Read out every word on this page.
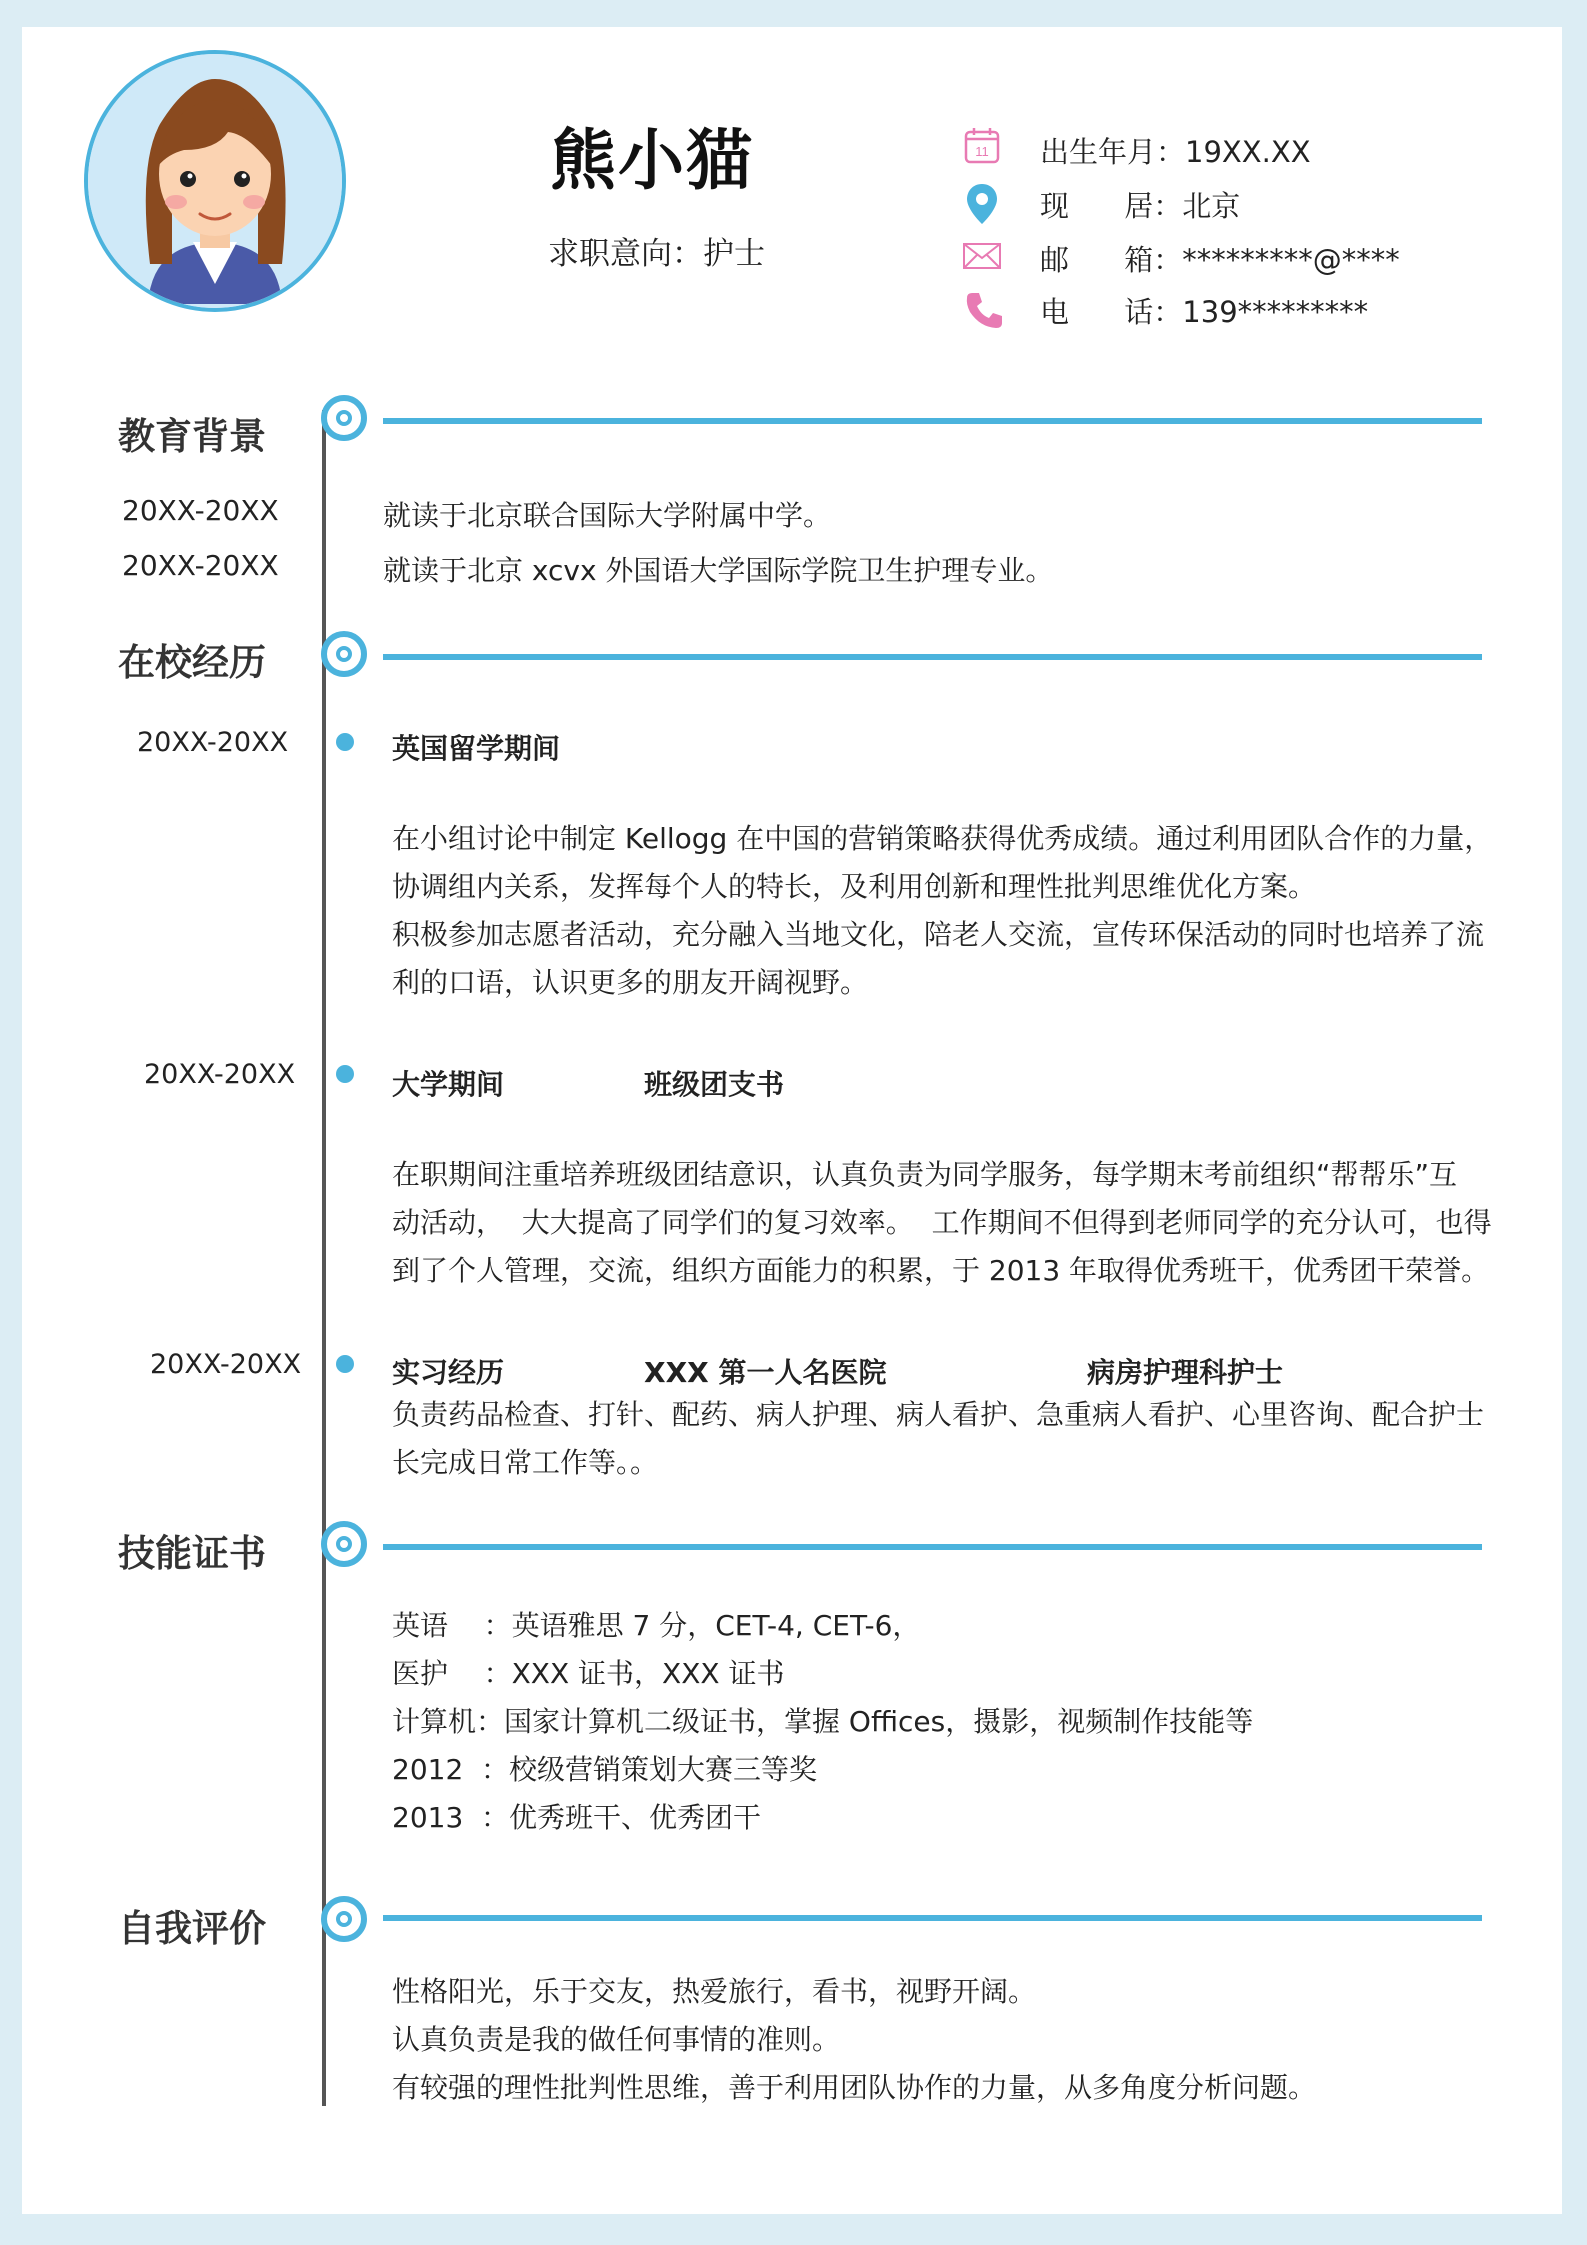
熊小猫
求职意向：护士
11 出生年月：19XX.XX
现      居：北京
邮      箱：*********@****
电      话：139*********
教育背景
20XX-20XX	就读于北京联合国际大学附属中学。
20XX-20XX	就读于北京 xcvx 外国语大学国际学院卫生护理专业。
在校经历
20XX-20XX	英国留学期间
在小组讨论中制定 Kellogg 在中国的营销策略获得优秀成绩。通过利用团队合作的力量，
协调组内关系，发挥每个人的特长，及利用创新和理性批判思维优化方案。
积极参加志愿者活动，充分融入当地文化，陪老人交流，宣传环保活动的同时也培养了流
利的口语，认识更多的朋友开阔视野。
20XX-20XX	大学期间	班级团支书
在职期间注重培养班级团结意识，认真负责为同学服务，每学期末考前组织“帮帮乐”互
动活动，  大大提高了同学们的复习效率。  工作期间不但得到老师同学的充分认可，也得
到了个人管理，交流，组织方面能力的积累，于 2013 年取得优秀班干，优秀团干荣誉。
20XX-20XX	实习经历	XXX 第一人名医院	病房护理科护士
负责药品检查、打针、配药、病人护理、病人看护、急重病人看护、心里咨询、配合护士
长完成日常工作等。。
技能证书
英语    ：英语雅思 7 分，CET-4, CET-6，
医护    ：XXX 证书，XXX 证书
计算机：国家计算机二级证书，掌握 Offices，摄影，视频制作技能等
2012  ：校级营销策划大赛三等奖
2013  ：优秀班干、优秀团干
自我评价
性格阳光，乐于交友，热爱旅行，看书，视野开阔。
认真负责是我的做任何事情的准则。
有较强的理性批判性思维，善于利用团队协作的力量，从多角度分析问题。
